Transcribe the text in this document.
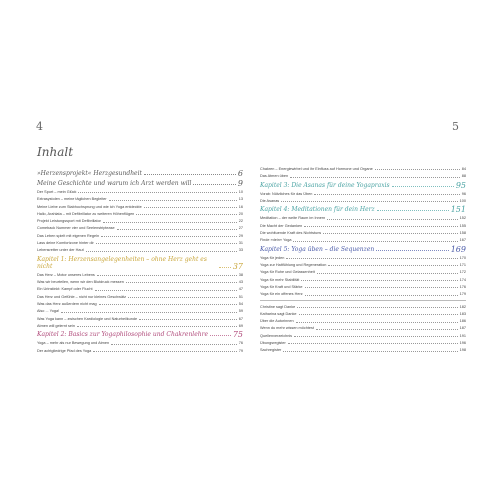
4	5
Inhalt
»Herzensprojekt« Herzgesundheit	6
Meine Geschichte und warum ich Arzt werden will	9
Der Sport – mein Glück	10
Extrasystolen – meine täglichen Begleiter	13
Meine Liebe zum Stabhochsprung und wie ich Yoga entdeckte	16
Hallo, Arahlata – mit Defibrillator zu weiteren Höhenflügen	20
Projekt Leistungssport mit Defibrillator	22
Comeback Nummer vier und Seelenstriptease	27
Das Leben spielt mit eigenen Regeln	29
Lass deine Komfortzone hinter dir	31
Lebensretter unter der Haut	33
Kapitel 1: Herzensangelegenheiten – ohne Herz geht es nicht	37
Das Herz – Motor unseres Lebens	38
Was wir beurteilen, wenn wir den Blutdruck messen	43
Ein Urinstinkt: Kampf oder Flucht	47
Das Herz und Gefühle – nicht nur kleines Geschwätz	51
Was das Herz außerdem nicht mag	54
Also ... Yoga!	59
Was Yoga kann – zwischen Kardiologie und Naturheilkunde	67
Atmen will gelernt sein	69
Kapitel 2: Basics zur Yogaphilosophie und Chakrenlehre	75
Yoga – mehr als nur Bewegung und Atmen	76
Der achtgliedrige Pfad des Yoga	79
Chakren – Energiewirbel und ihr Einfluss auf Hormone und Organe	84
Das Atmen üben	88
Kapitel 3: Die Asanas für deine Yogapraxis	95
Vorab: Nützliches für das Üben	96
Die Asanas	100
Kapitel 4: Meditationen für dein Herz	151
Meditation – der weite Raum im Innern	152
Die Macht der Gedanken	155
Die wohltuende Kraft des Nichtstuns	158
Finde »dein« Yoga	167
Kapitel 5: Yoga üben – die Sequenzen	169
Yoga für jeden	170
Yoga zur Haltfühlung und Regeneration	171
Yoga für Ruhe und Gelassenheit	172
Yoga für mehr Stabilität	174
Yoga für Kraft und Stärke	176
Yoga für ein offenes Herz	179
Christine sagt Danke	182
Katharina sagt Danke	183
Über die Autorinnen	186
Wenn du mehr wissen möchtest	187
Quellenverzeichnis	191
Übungsregister	196
Sachregister	198
